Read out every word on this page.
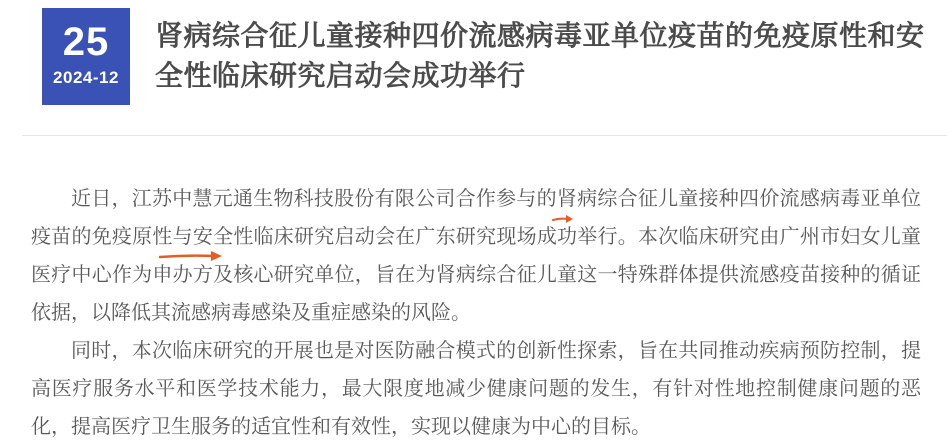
25
2024-12
肾病综合征儿童接种四价流感病毒亚单位疫苗的免疫原性和安全性临床研究启动会成功举行

近日，江苏中慧元通生物科技股份有限公司合作参与的肾病综合征儿童接种四价流感病毒亚单位疫苗的免疫原性与安全性临床研究启动会在广东研究现场成功举行。本次临床研究由广州市妇女儿童医疗中心作为申办方及核心研究单位，旨在为肾病综合征儿童这一特殊群体提供流感疫苗接种的循证依据，以降低其流感病毒感染及重症感染的风险。

同时，本次临床研究的开展也是对医防融合模式的创新性探索，旨在共同推动疾病预防控制，提高医疗服务水平和医学技术能力，最大限度地减少健康问题的发生，有针对性地控制健康问题的恶化，提高医疗卫生服务的适宜性和有效性，实现以健康为中心的目标。
